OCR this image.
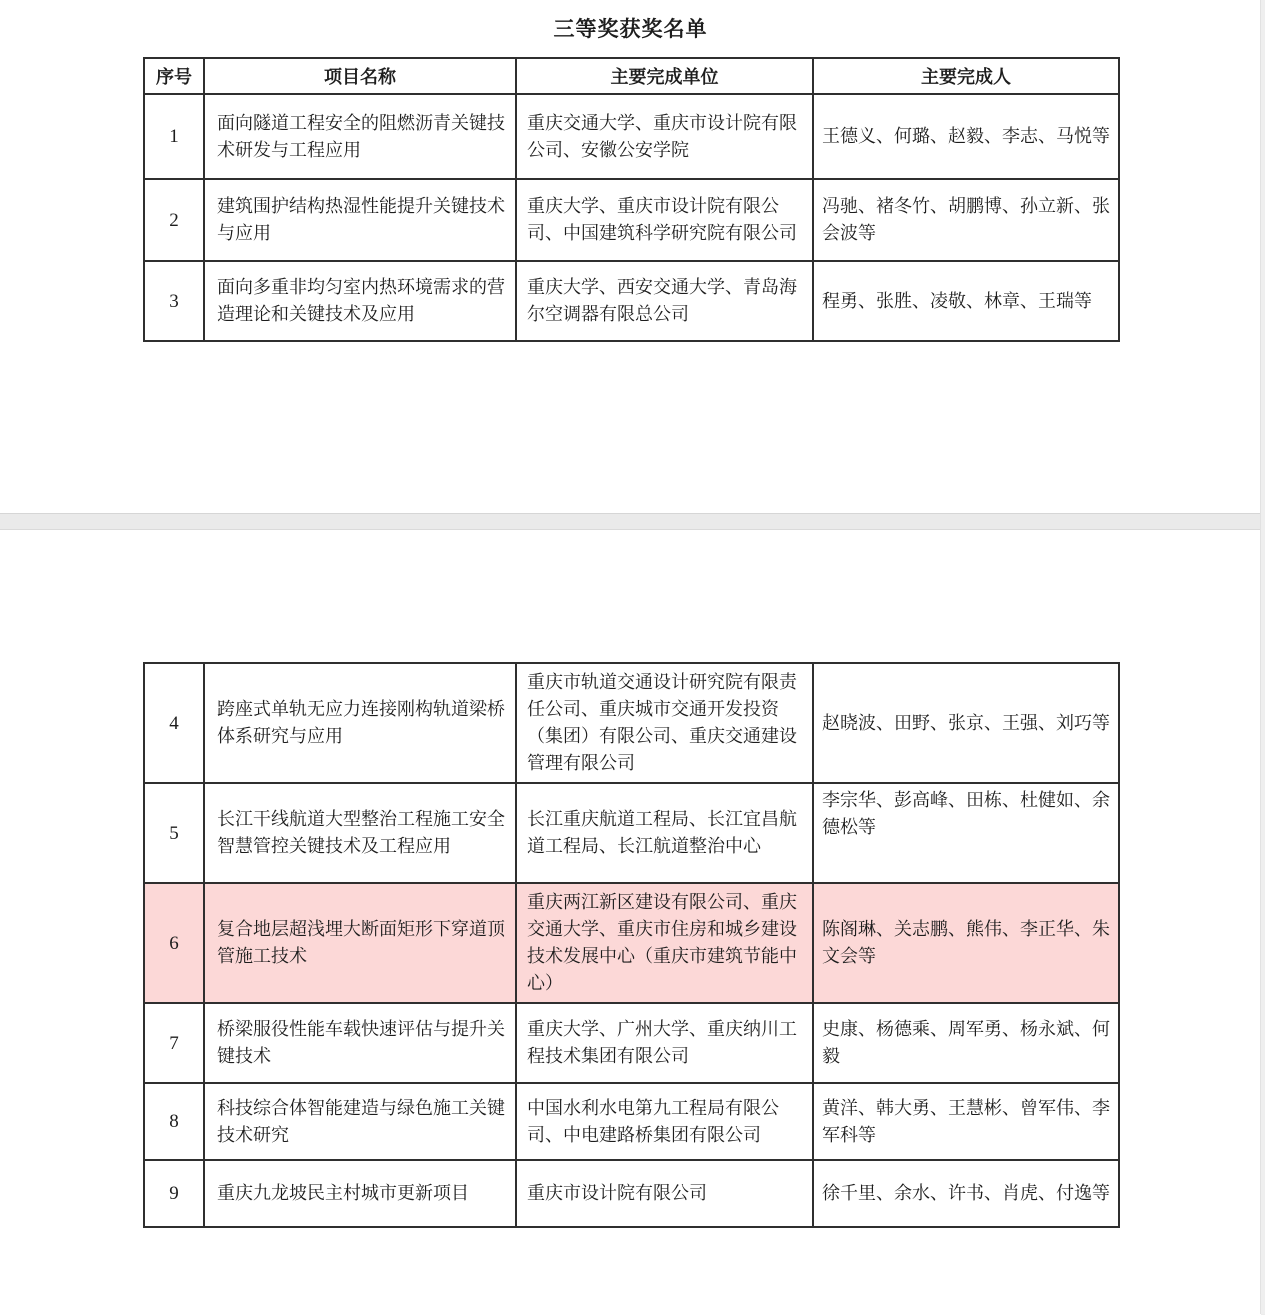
三等奖获奖名单
序号	项目名称	主要完成单位	主要完成人
1	面向隧道工程安全的阻燃沥青关键技术研发与工程应用	重庆交通大学、重庆市设计院有限公司、安徽公安学院	王德义、何璐、赵毅、李志、马悦等
2	建筑围护结构热湿性能提升关键技术与应用	重庆大学、重庆市设计院有限公司、中国建筑科学研究院有限公司	冯驰、褚冬竹、胡鹏博、孙立新、张会波等
3	面向多重非均匀室内热环境需求的营造理论和关键技术及应用	重庆大学、西安交通大学、青岛海尔空调器有限总公司	程勇、张胜、凌敬、林章、王瑞等
4	跨座式单轨无应力连接刚构轨道梁桥体系研究与应用	重庆市轨道交通设计研究院有限责任公司、重庆城市交通开发投资（集团）有限公司、重庆交通建设管理有限公司	赵晓波、田野、张京、王强、刘巧等
5	长江干线航道大型整治工程施工安全智慧管控关键技术及工程应用	长江重庆航道工程局、长江宜昌航道工程局、长江航道整治中心	李宗华、彭高峰、田栋、杜健如、余德松等
6	复合地层超浅埋大断面矩形下穿道顶管施工技术	重庆两江新区建设有限公司、重庆交通大学、重庆市住房和城乡建设技术发展中心（重庆市建筑节能中心）	陈阁琳、关志鹏、熊伟、李正华、朱文会等
7	桥梁服役性能车载快速评估与提升关键技术	重庆大学、广州大学、重庆纳川工程技术集团有限公司	史康、杨德乘、周军勇、杨永斌、何毅
8	科技综合体智能建造与绿色施工关键技术研究	中国水利水电第九工程局有限公司、中电建路桥集团有限公司	黄洋、韩大勇、王慧彬、曾军伟、李军科等
9	重庆九龙坡民主村城市更新项目	重庆市设计院有限公司	徐千里、余水、许书、肖虎、付逸等
